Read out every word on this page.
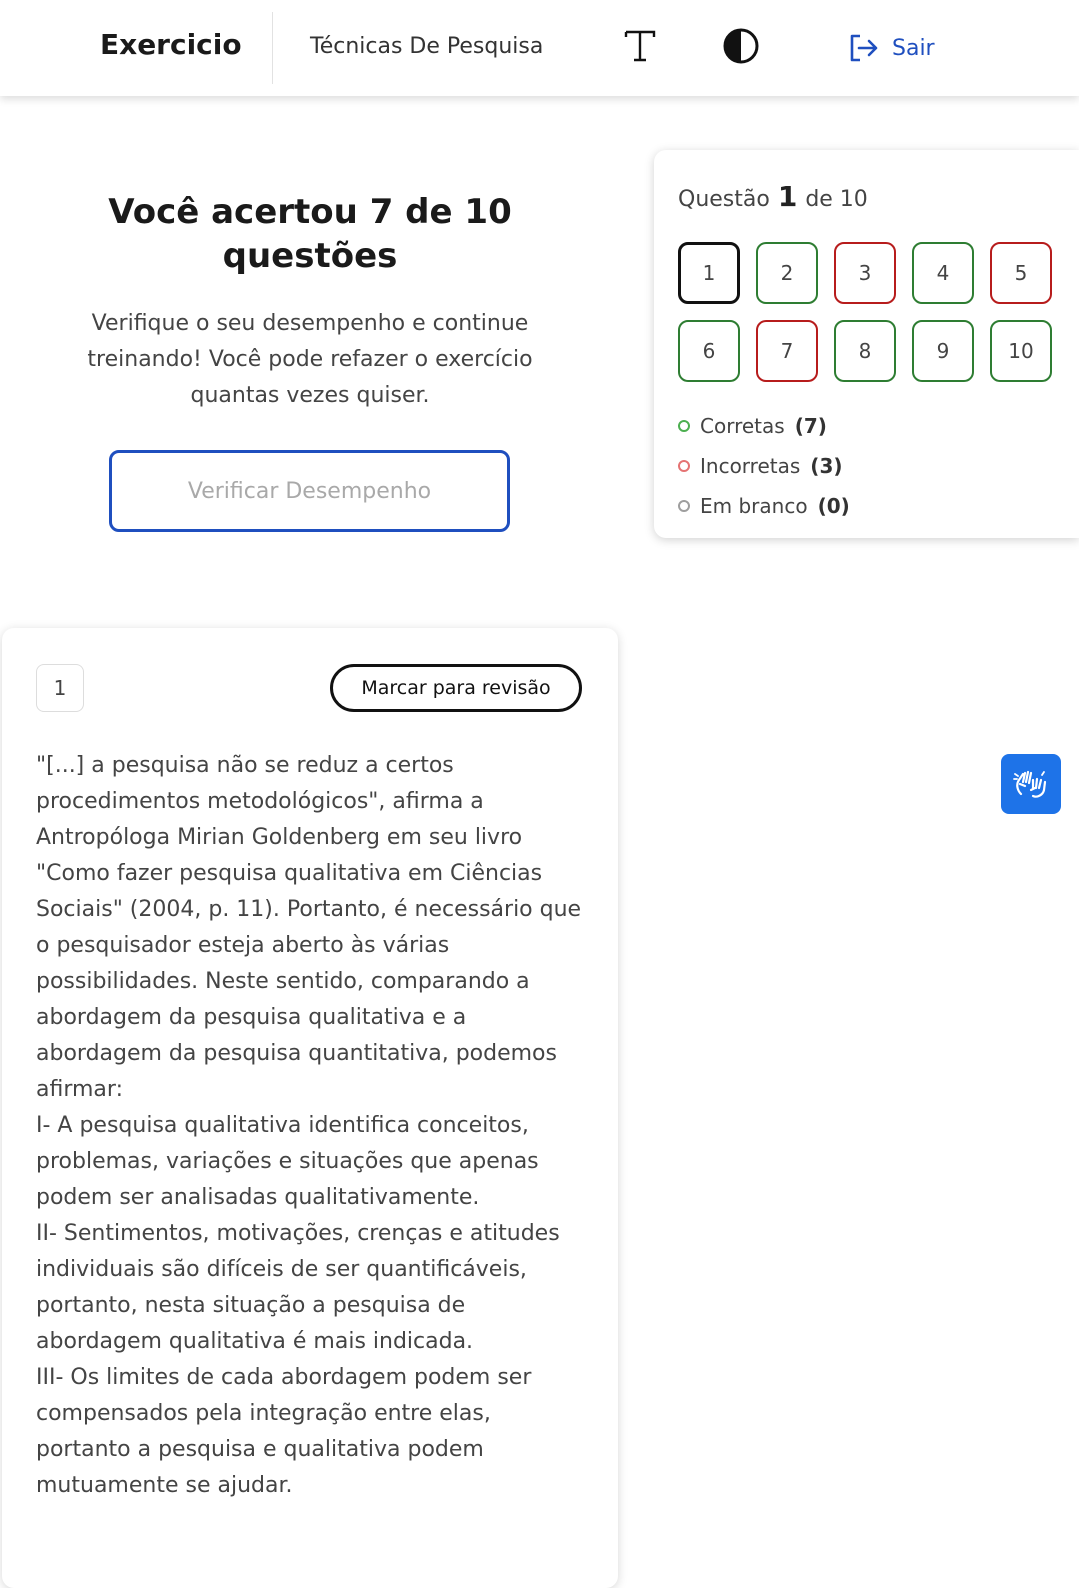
Exercicio	Técnicas De Pesquisa	Sair
Você acertou 7 de 10 questões

Verifique o seu desempenho e continue treinando! Você pode refazer o exercício quantas vezes quiser.

Verificar Desempenho
Questão 1 de 10
1	2	3	4	5
6	7	8	9	10
Corretas (7)
Incorretas (3)
Em branco (0)
1	Marcar para revisão

"[...] a pesquisa não se reduz a certos procedimentos metodológicos", afirma a Antropóloga Mirian Goldenberg em seu livro "Como fazer pesquisa qualitativa em Ciências Sociais" (2004, p. 11). Portanto, é necessário que o pesquisador esteja aberto às várias possibilidades. Neste sentido, comparando a abordagem da pesquisa qualitativa e a abordagem da pesquisa quantitativa, podemos afirmar:

I- A pesquisa qualitativa identifica conceitos, problemas, variações e situações que apenas podem ser analisadas qualitativamente.

II- Sentimentos, motivações, crenças e atitudes individuais são difíceis de ser quantificáveis, portanto, nesta situação a pesquisa de abordagem qualitativa é mais indicada.

III- Os limites de cada abordagem podem ser compensados pela integração entre elas, portanto a pesquisa e qualitativa podem mutuamente se ajudar.
